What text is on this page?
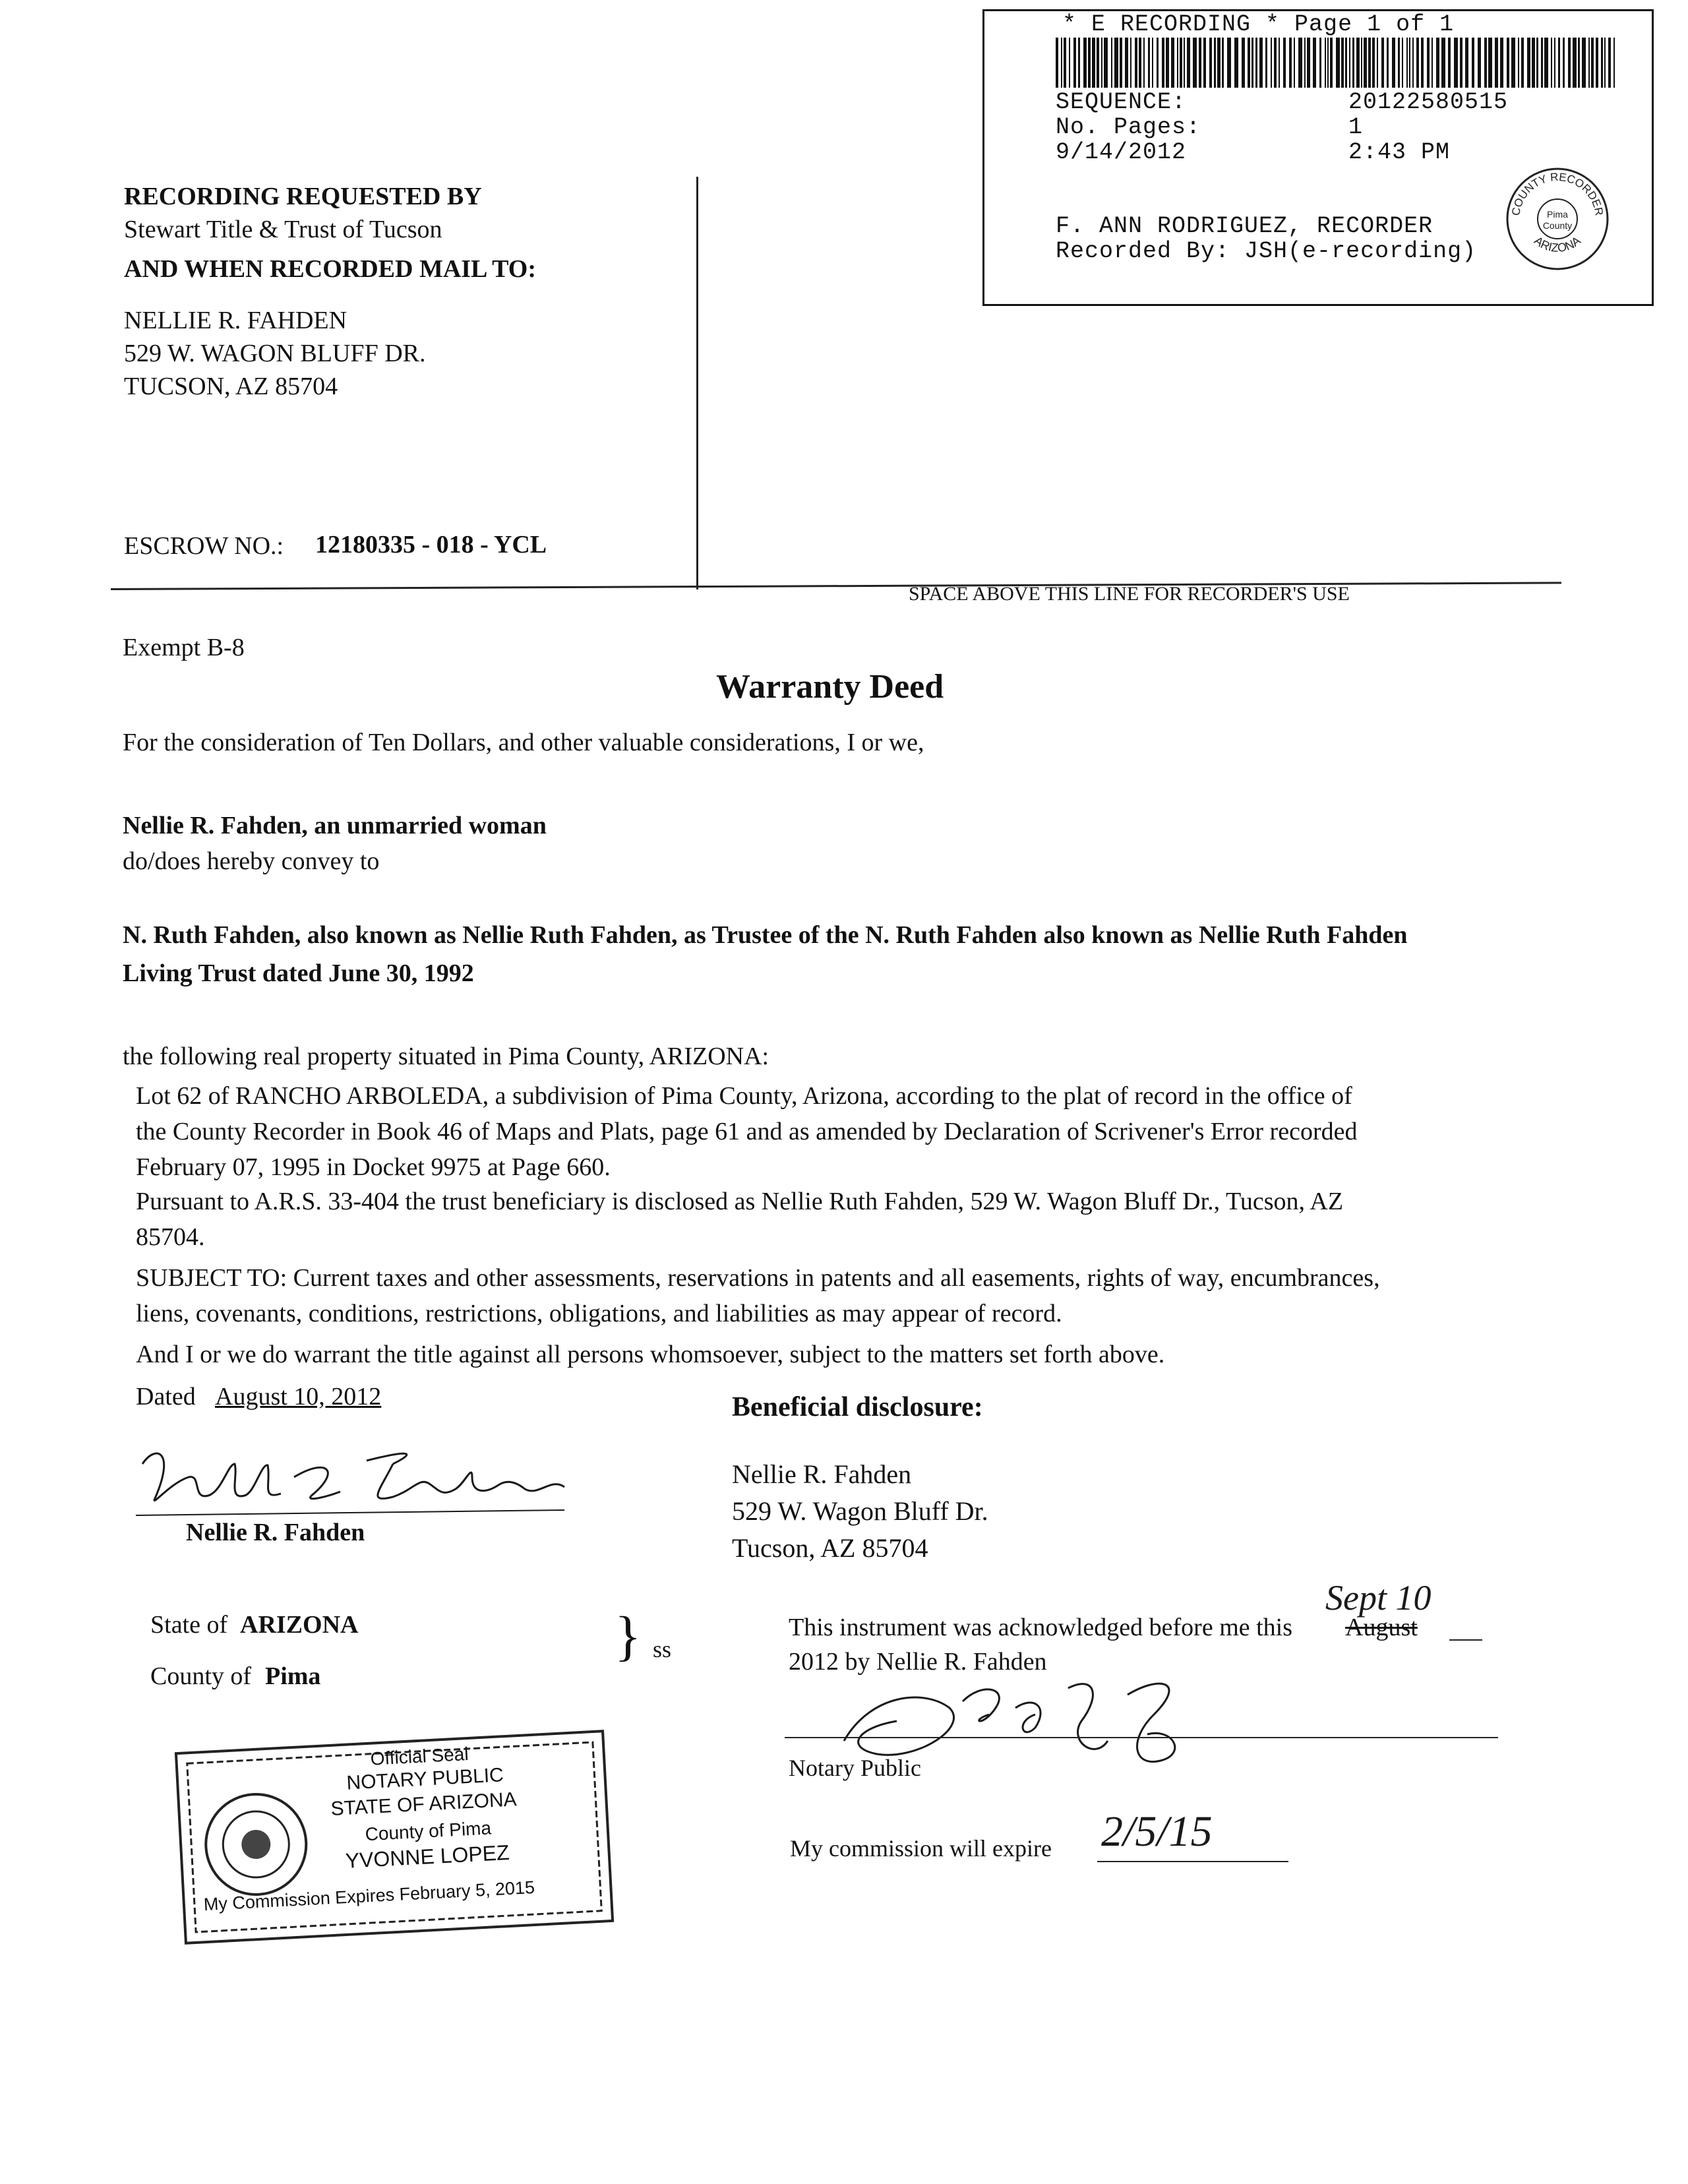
* E RECORDING * Page 1 of 1
SEQUENCE:	20122580515
No. Pages:	1
9/14/2012	2:43 PM
F. ANN RODRIGUEZ, RECORDER
Recorded By: JSH(e-recording)
COUNTY RECORDER
ARIZONA
Pima
County
RECORDING REQUESTED BY
Stewart Title & Trust of Tucson
AND WHEN RECORDED MAIL TO:
NELLIE R. FAHDEN
529 W. WAGON BLUFF DR.
TUCSON, AZ 85704
ESCROW NO.: 12180335 - 018 - YCL
SPACE ABOVE THIS LINE FOR RECORDER'S USE
Exempt B-8
Warranty Deed
For the consideration of Ten Dollars, and other valuable considerations, I or we,
Nellie R. Fahden, an unmarried woman
do/does hereby convey to
N. Ruth Fahden, also known as Nellie Ruth Fahden, as Trustee of the N. Ruth Fahden also known as Nellie Ruth Fahden
Living Trust dated June 30, 1992
the following real property situated in Pima County, ARIZONA:
Lot 62 of RANCHO ARBOLEDA, a subdivision of Pima County, Arizona, according to the plat of record in the office of
the County Recorder in Book 46 of Maps and Plats, page 61 and as amended by Declaration of Scrivener's Error recorded
February 07, 1995 in Docket 9975 at Page 660.
Pursuant to A.R.S. 33-404 the trust beneficiary is disclosed as Nellie Ruth Fahden, 529 W. Wagon Bluff Dr., Tucson, AZ
85704.
SUBJECT TO: Current taxes and other assessments, reservations in patents and all easements, rights of way, encumbrances,
liens, covenants, conditions, restrictions, obligations, and liabilities as may appear of record.
And I or we do warrant the title against all persons whomsoever, subject to the matters set forth above.
Dated August 10, 2012
Nellie R. Fahden
Beneficial disclosure:
Nellie R. Fahden
529 W. Wagon Bluff Dr.
Tucson, AZ 85704
State of ARIZONA
County of Pima
} ss
Sept 10
This instrument was acknowledged before me this August
2012 by Nellie R. Fahden
Notary Public
My commission will expire 2/5/15
Official Seal
NOTARY PUBLIC
STATE OF ARIZONA
County of Pima
YVONNE LOPEZ
My Commission Expires February 5, 2015
